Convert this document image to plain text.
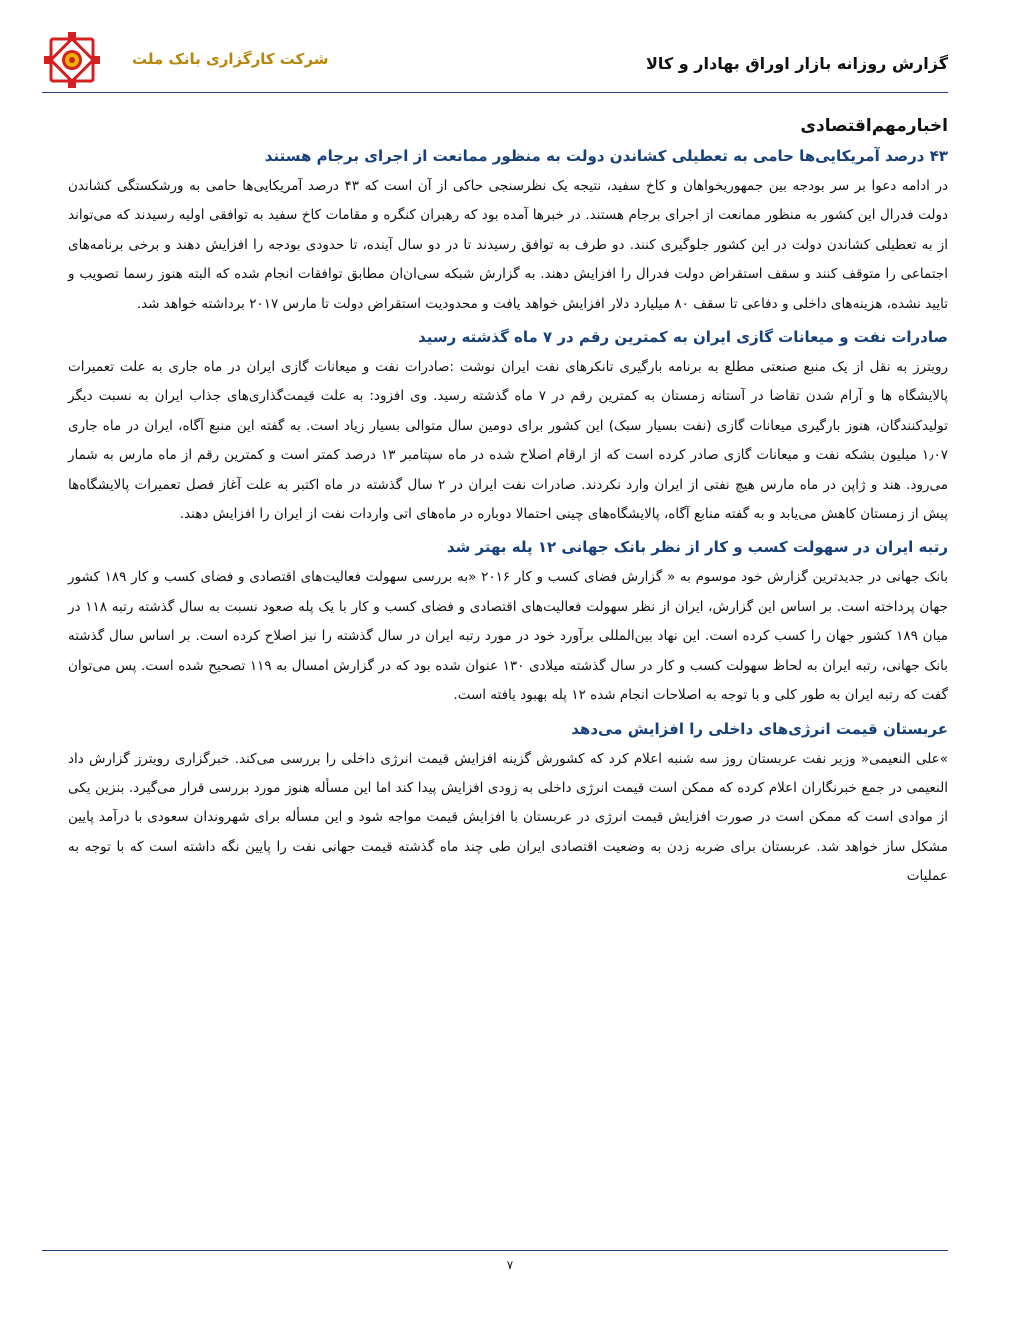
شرکت کارگزاری بانک ملت	گزارش روزانه بازار اوراق بهادار و کالا
اخبارمهم‌اقتصادی
۴۳ درصد آمریکایی‌ها حامی به تعطیلی کشاندن دولت به منظور ممانعت از اجرای برجام هستند
در ادامه دعوا بر سر بودجه بین جمهوریخواهان و کاخ سفید، نتیجه یک نظرسنجی حاکی از آن است که ۴۳ درصد آمریکایی‌ها حامی به ورشکستگی کشاندن دولت فدرال این کشور به منظور ممانعت از اجرای برجام هستند. در خبرها آمده بود که رهبران کنگره و مقامات کاخ سفید به توافقی اولیه رسیدند که می‌تواند از به تعطیلی کشاندن دولت در این کشور جلوگیری کنند. دو طرف به توافق رسیدند تا در دو سال آینده، تا حدودی بودجه را افزایش دهند و برخی برنامه‌های اجتماعی را متوقف کنند و سقف استقراض دولت فدرال را افزایش دهند. به گزارش شبکه سی‌ان‌ان مطابق توافقات انجام شده که البته هنوز رسما تصویب و تایید نشده، هزینه‌های داخلی و دفاعی تا سقف ۸۰ میلیارد دلار افزایش خواهد یافت و محدودیت استقراض دولت تا مارس ۲۰۱۷ برداشته خواهد شد.
صادرات نفت و میعانات گازی ایران به کمترین رقم در ۷ ماه گذشته رسید
رویترز به نقل از یک منبع صنعتی مطلع به برنامه بارگیری تانکرهای نفت ایران نوشت :صادرات نفت و میعانات گازی ایران در ماه جاری به علت تعمیرات پالایشگاه ها و آرام شدن تقاضا در آستانه زمستان به کمترین رقم در ۷ ماه گذشته رسید. وی افزود: به علت قیمت‌گذاری‌های جذاب ایران به نسبت دیگر تولیدکنندگان، هنوز بارگیری میعانات گازی (نفت بسیار سبک) این کشور برای دومین سال متوالی بسیار زیاد است. به گفته این منبع آگاه، ایران در ماه جاری ۱٫۰۷ میلیون بشکه نفت و میعانات گازی صادر کرده است که از ارقام اصلاح شده در ماه سپتامبر ۱۳ درصد کمتر است و کمترین رقم از ماه مارس به شمار می‌رود. هند و ژاپن در ماه مارس هیچ نفتی از ایران وارد نکردند. صادرات نفت ایران در ۲ سال گذشته در ماه اکتبر به علت آغاز فصل تعمیرات پالایشگاه‌ها پیش از زمستان کاهش می‌یابد و به گفته منابع آگاه، پالایشگاه‌های چینی احتمالا دوباره در ماه‌های اتی واردات نفت از ایران را افزایش دهند.
رتبه ایران در سهولت کسب و کار از نظر بانک جهانی ۱۲ پله بهتر شد
بانک جهانی در جدیدترین گزارش خود موسوم به « گزارش فضای کسب و کار ۲۰۱۶ «به بررسی سهولت فعالیت‌های اقتصادی و فضای کسب و کار ۱۸۹ کشور جهان پرداخته است. بر اساس این گزارش، ایران از نظر سهولت فعالیت‌های اقتصادی و فضای کسب و کار با یک پله صعود نسبت به سال گذشته رتبه ۱۱۸ در میان ۱۸۹ کشور جهان را کسب کرده است. این نهاد بین‌المللی برآورد خود در مورد رتبه ایران در سال گذشته را نیز اصلاح کرده است. بر اساس سال گذشته بانک جهانی، رتبه ایران به لحاظ سهولت کسب و کار در سال گذشته میلادی ۱۳۰ عنوان شده بود که در گزارش امسال به ۱۱۹ تصحیح شده است. پس می‌توان گفت که رتبه ایران به طور کلی و با توجه به اصلاحات انجام شده ۱۲ پله بهبود یافته است.
عربستان قیمت انرژی‌های داخلی را افزایش می‌دهد
»علی النعیمی« وزیر نفت عربستان روز سه شنبه اعلام کرد که کشورش گزینه افزایش قیمت انرژی داخلی را بررسی می‌کند. خبرگزاری رویترز گزارش داد النعیمی در جمع خبرنگاران اعلام کرده که ممکن است قیمت انرژی داخلی به زودی افزایش پیدا کند اما این مسأله هنوز مورد بررسی قرار می‌گیرد. بنزین یکی از موادی است که ممکن است در صورت افزایش قیمت انرژی در عربستان با افزایش قیمت مواجه شود و این مسأله برای شهروندان سعودی با درآمد پایین مشکل ساز خواهد شد. عربستان برای ضربه زدن به وضعیت اقتصادی ایران طی چند ماه گذشته قیمت جهانی نفت را پایین نگه داشته است که با توجه به عملیات
۷
